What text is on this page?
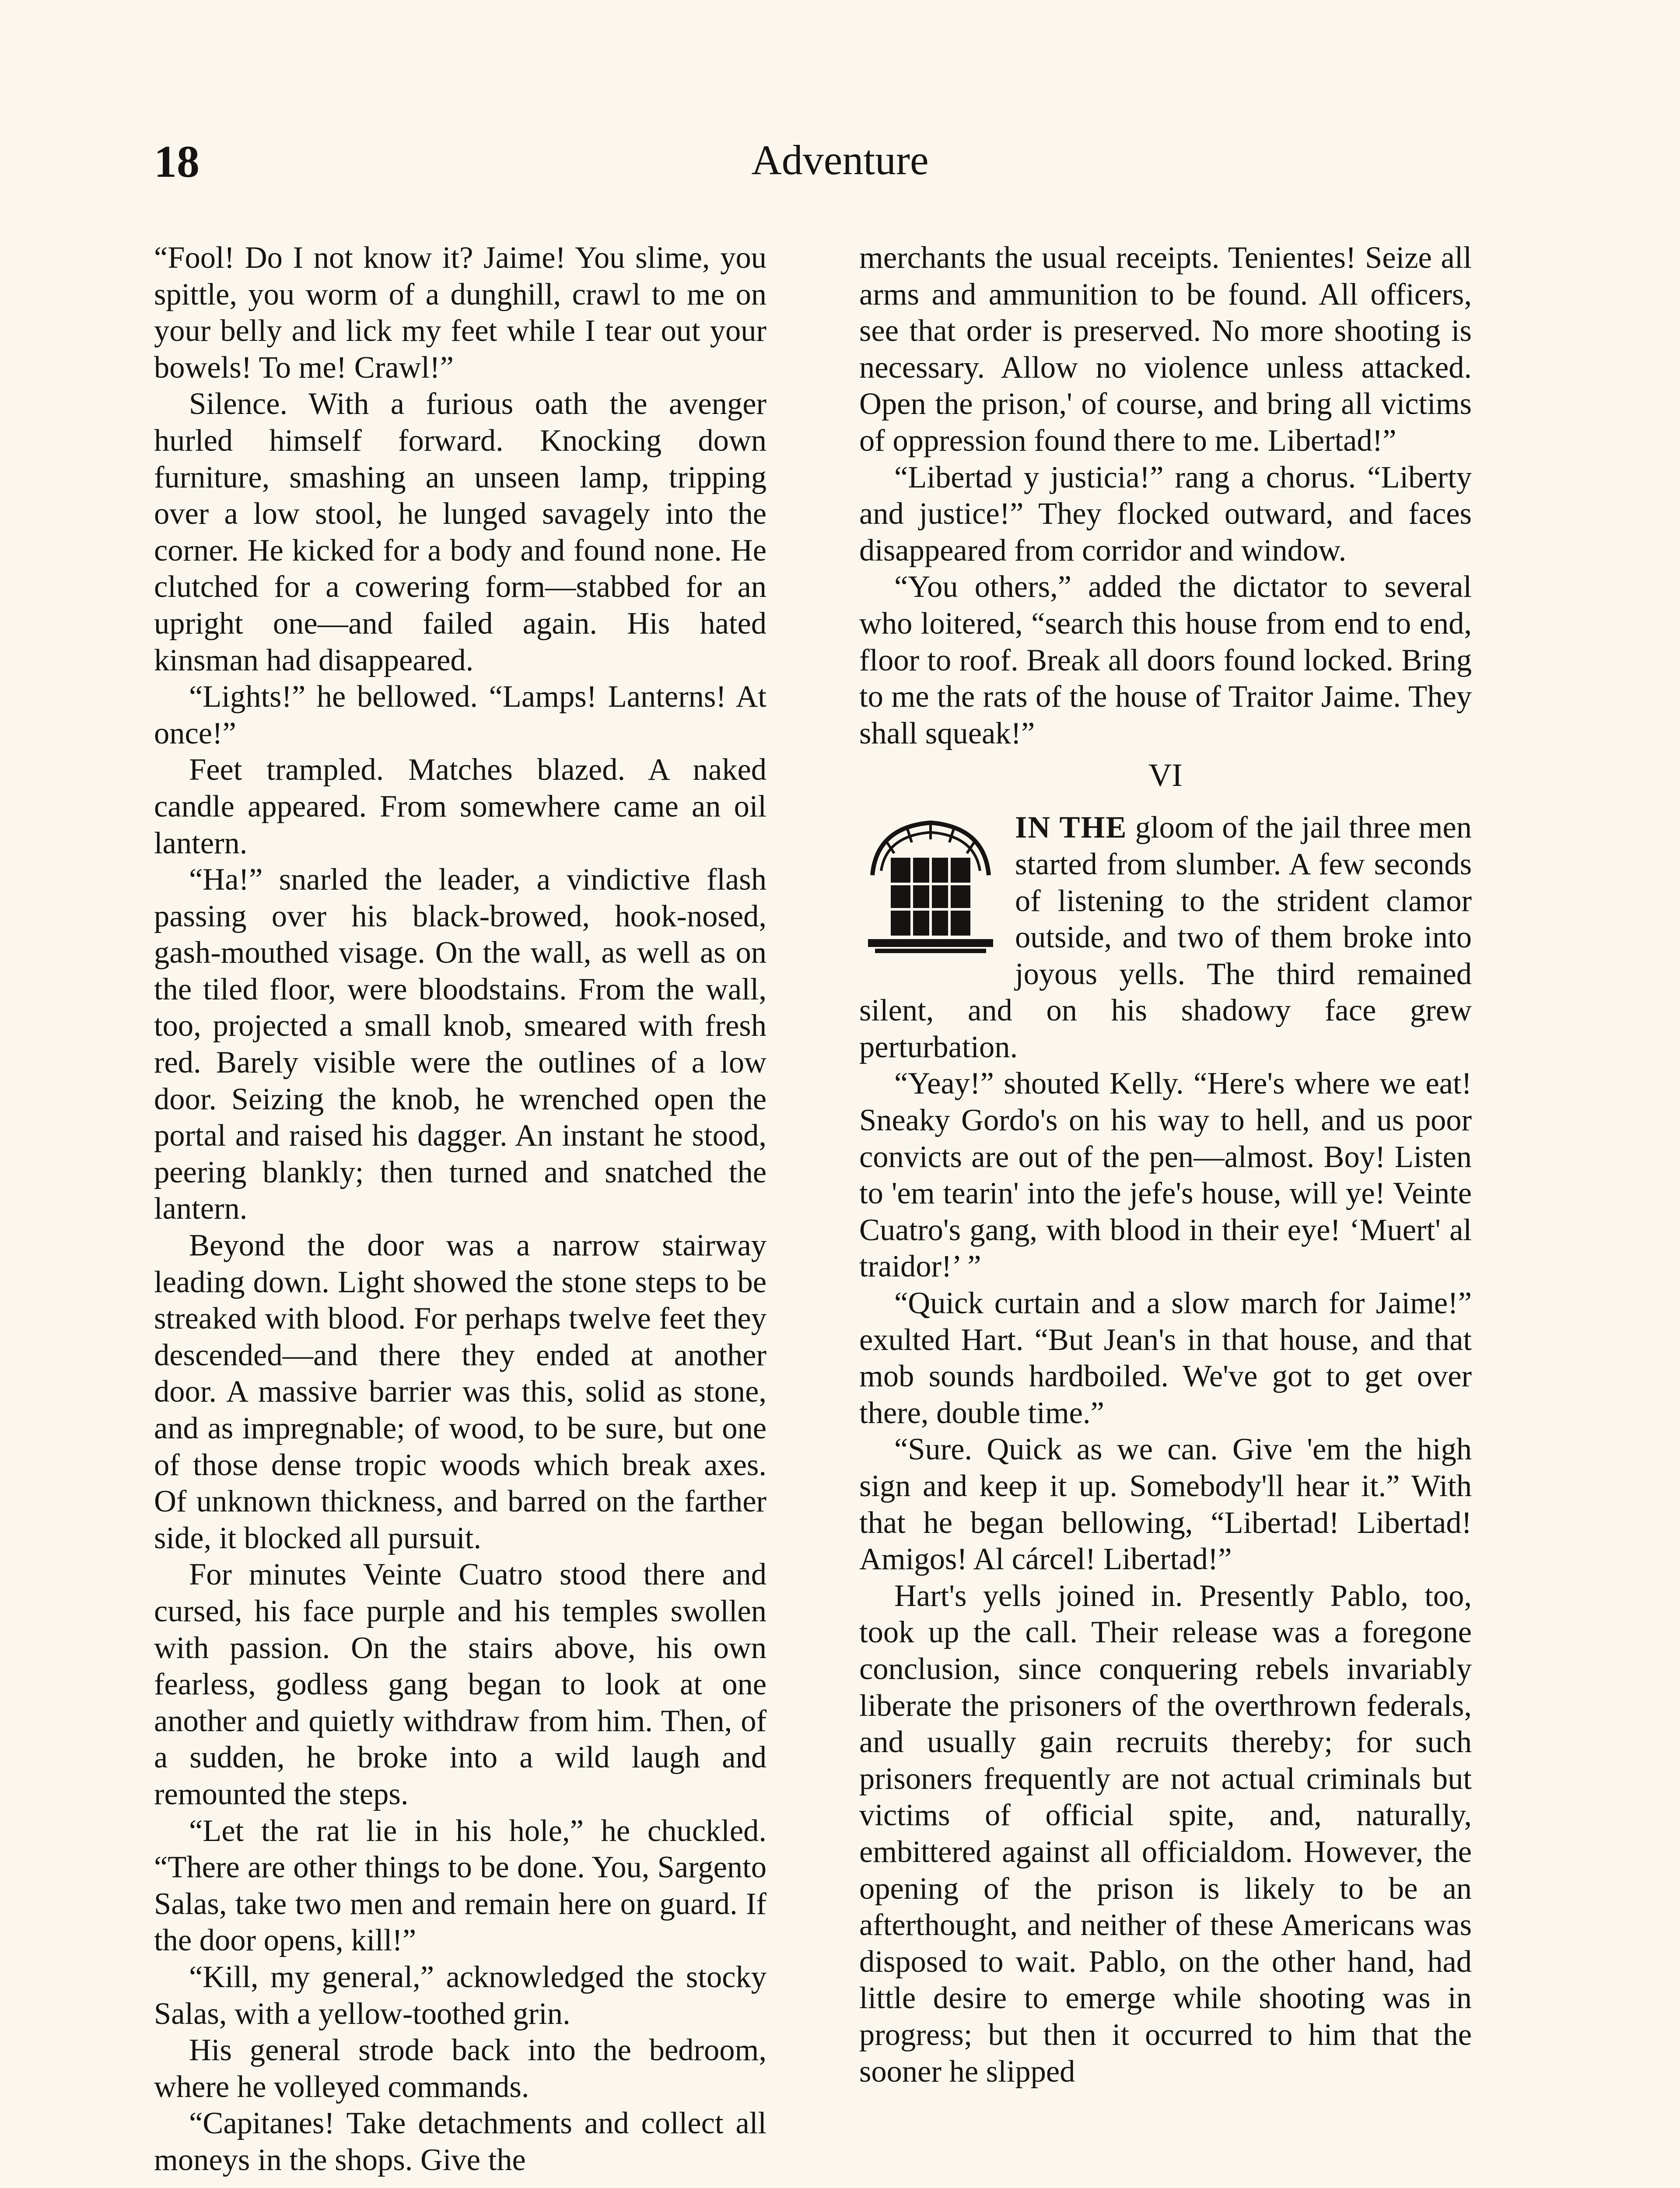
18	Adventure

“Fool! Do I not know it? Jaime! You slime, you spittle, you worm of a dunghill, crawl to me on your belly and lick my feet while I tear out your bowels! To me! Crawl!”

Silence. With a furious oath the avenger hurled himself forward. Knocking down furniture, smashing an unseen lamp, tripping over a low stool, he lunged savagely into the corner. He kicked for a body and found none. He clutched for a cowering form—stabbed for an upright one—and failed again. His hated kinsman had disappeared.

“Lights!” he bellowed. “Lamps! Lanterns! At once!”

Feet trampled. Matches blazed. A naked candle appeared. From somewhere came an oil lantern.

“Ha!” snarled the leader, a vindictive flash passing over his black-browed, hook-nosed, gash-mouthed visage. On the wall, as well as on the tiled floor, were bloodstains. From the wall, too, projected a small knob, smeared with fresh red. Barely visible were the outlines of a low door. Seizing the knob, he wrenched open the portal and raised his dagger. An instant he stood, peering blankly; then turned and snatched the lantern.

Beyond the door was a narrow stairway leading down. Light showed the stone steps to be streaked with blood. For perhaps twelve feet they descended—and there they ended at another door. A massive barrier was this, solid as stone, and as impregnable; of wood, to be sure, but one of those dense tropic woods which break axes. Of unknown thickness, and barred on the farther side, it blocked all pursuit.

For minutes Veinte Cuatro stood there and cursed, his face purple and his temples swollen with passion. On the stairs above, his own fearless, godless gang began to look at one another and quietly withdraw from him. Then, of a sudden, he broke into a wild laugh and remounted the steps.

“Let the rat lie in his hole,” he chuckled. “There are other things to be done. You, Sargento Salas, take two men and remain here on guard. If the door opens, kill!”

“Kill, my general,” acknowledged the stocky Salas, with a yellow-toothed grin.

His general strode back into the bedroom, where he volleyed commands.

“Capitanes! Take detachments and collect all moneys in the shops. Give the

merchants the usual receipts. Tenientes! Seize all arms and ammunition to be found. All officers, see that order is preserved. No more shooting is necessary. Allow no violence unless attacked. Open the prison,' of course, and bring all victims of oppression found there to me. Libertad!”

“Libertad y justicia!” rang a chorus. “Liberty and justice!” They flocked outward, and faces disappeared from corridor and window.

“You others,” added the dictator to several who loitered, “search this house from end to end, floor to roof. Break all doors found locked. Bring to me the rats of the house of Traitor Jaime. They shall squeak!”

VI

IN THE gloom of the jail three men started from slumber. A few seconds of listening to the strident clamor outside, and two of them broke into joyous yells. The third remained silent, and on his shadowy face grew perturbation.

“Yeay!” shouted Kelly. “Here's where we eat! Sneaky Gordo's on his way to hell, and us poor convicts are out of the pen—almost. Boy! Listen to 'em tearin' into the jefe's house, will ye! Veinte Cuatro's gang, with blood in their eye! ‘Muert' al traidor!’ ”

“Quick curtain and a slow march for Jaime!” exulted Hart. “But Jean's in that house, and that mob sounds hardboiled. We've got to get over there, double time.”

“Sure. Quick as we can. Give 'em the high sign and keep it up. Somebody'll hear it.” With that he began bellowing, “Libertad! Libertad! Amigos! Al cárcel! Libertad!”

Hart's yells joined in. Presently Pablo, too, took up the call. Their release was a foregone conclusion, since conquering rebels invariably liberate the prisoners of the overthrown federals, and usually gain recruits thereby; for such prisoners frequently are not actual criminals but victims of official spite, and, naturally, embittered against all officialdom. However, the opening of the prison is likely to be an afterthought, and neither of these Americans was disposed to wait. Pablo, on the other hand, had little desire to emerge while shooting was in progress; but then it occurred to him that the sooner he slipped
